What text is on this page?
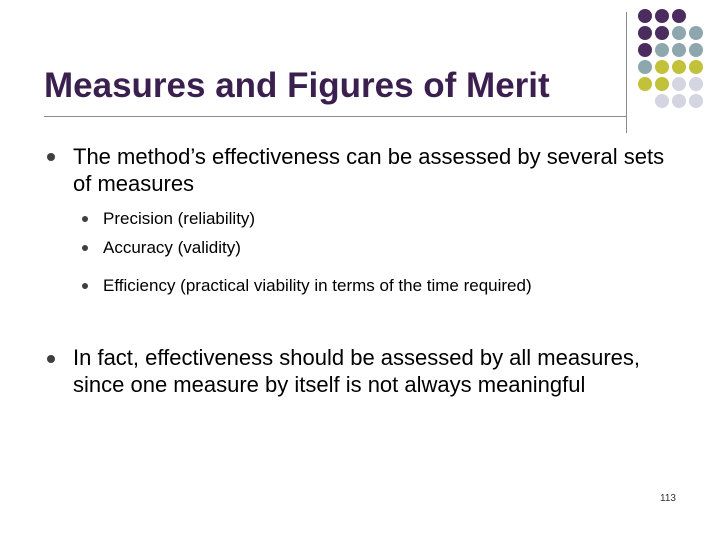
Measures and Figures of Merit

The method’s effectiveness can be assessed by several sets of measures

Precision (reliability)

Accuracy (validity)

Efficiency (practical viability in terms of the time required)

In fact, effectiveness should be assessed by all measures, since one measure by itself is not always meaningful

113
